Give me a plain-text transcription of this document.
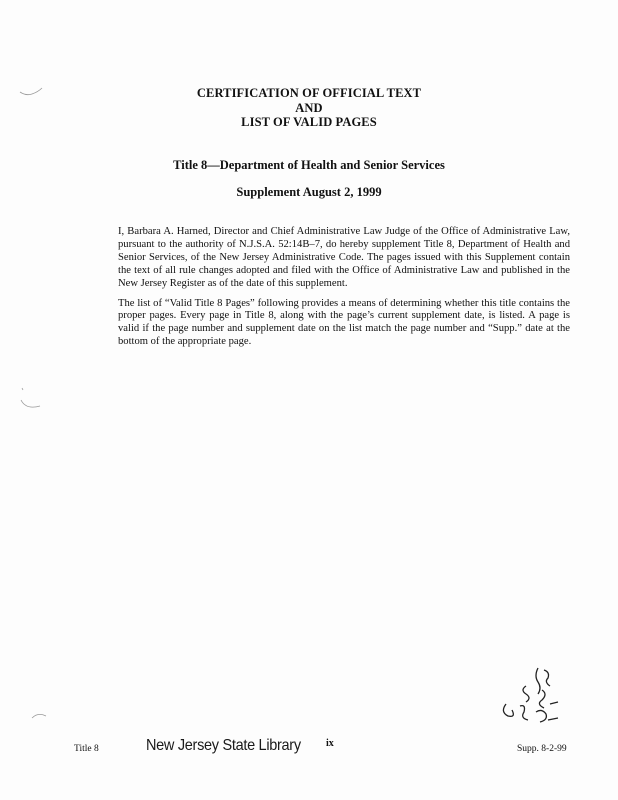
CERTIFICATION OF OFFICIAL TEXT
AND
LIST OF VALID PAGES
Title 8—Department of Health and Senior Services
Supplement August 2, 1999

I, Barbara A. Harned, Director and Chief Administrative Law Judge of the Office of Administrative Law, pursuant to the authority of N.J.S.A. 52:14B–7, do hereby supplement Title 8, Department of Health and Senior Services, of the New Jersey Administrative Code. The pages issued with this Supplement contain the text of all rule changes adopted and filed with the Office of Administrative Law and published in the New Jersey Register as of the date of this supplement.

The list of “Valid Title 8 Pages” following provides a means of determining whether this title contains the proper pages. Every page in Title 8, along with the page’s current supplement date, is listed. A page is valid if the page number and supplement date on the list match the page number and “Supp.” date at the bottom of the appropriate page.

Title 8	New Jersey State Library	ix	Supp. 8-2-99
